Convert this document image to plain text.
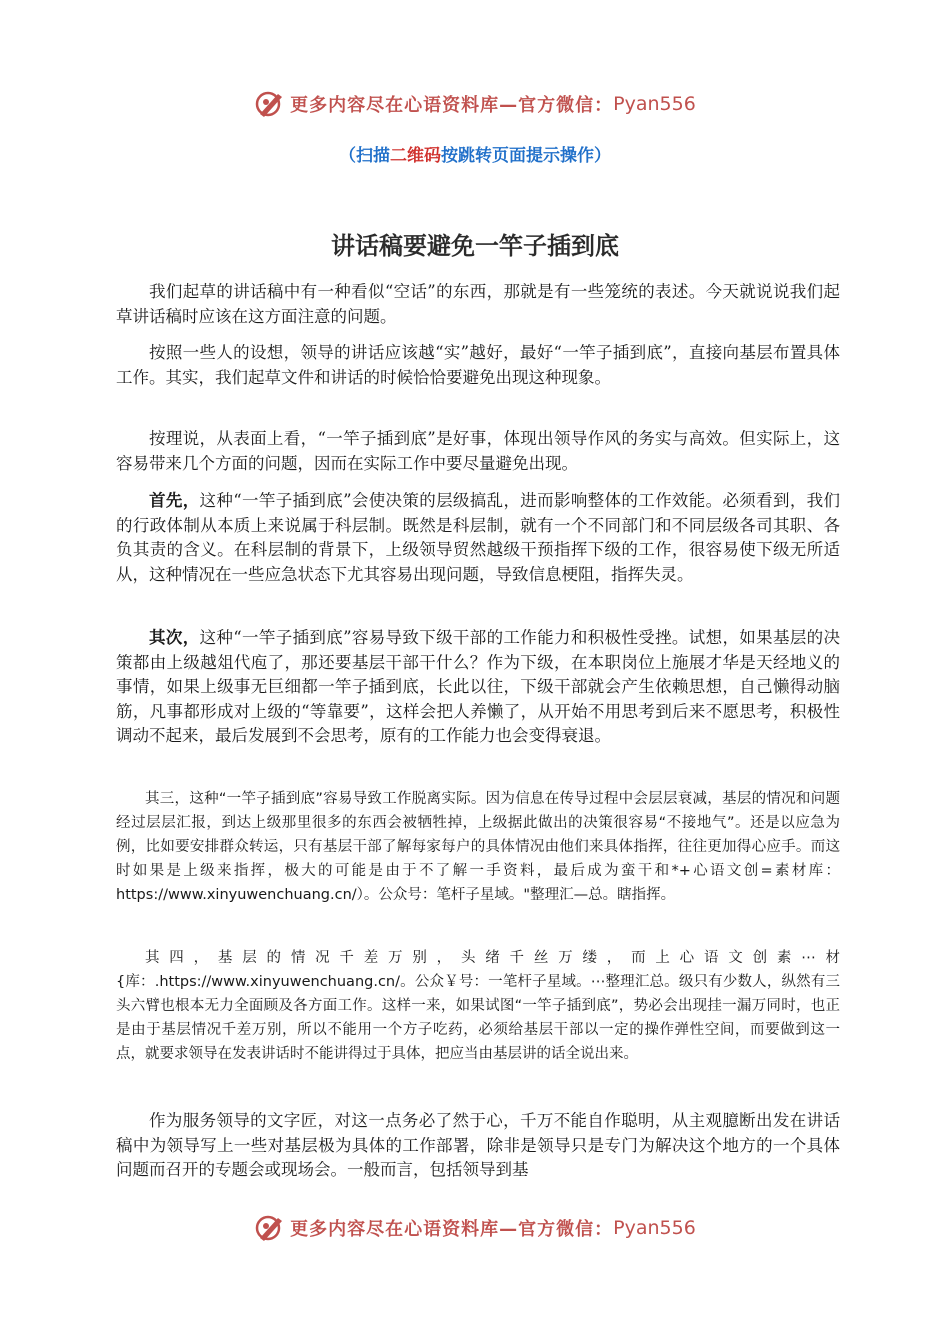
更多内容尽在心语资料库—官方微信： Pyan556
（扫描二维码按跳转页面提示操作）
讲话稿要避免一竿子插到底

我们起草的讲话稿中有一种看似“空话”的东西，那就是有一些笼统的表述。今天就说说我们起草讲话稿时应该在这方面注意的问题。

按照一些人的设想，领导的讲话应该越“实”越好，最好“一竿子插到底”，直接向基层布置具体工作。其实，我们起草文件和讲话的时候恰恰要避免出现这种现象。

按理说，从表面上看，“一竿子插到底”是好事，体现出领导作风的务实与高效。但实际上，这容易带来几个方面的问题，因而在实际工作中要尽量避免出现。

首先，这种“一竿子插到底”会使决策的层级搞乱，进而影响整体的工作效能。必须看到，我们的行政体制从本质上来说属于科层制。既然是科层制，就有一个不同部门和不同层级各司其职、各负其责的含义。在科层制的背景下，上级领导贸然越级干预指挥下级的工作，很容易使下级无所适从，这种情况在一些应急状态下尤其容易出现问题，导致信息梗阻，指挥失灵。

其次，这种“一竿子插到底”容易导致下级干部的工作能力和积极性受挫。试想，如果基层的决策都由上级越俎代庖了，那还要基层干部干什么？作为下级，在本职岗位上施展才华是天经地义的事情，如果上级事无巨细都一竿子插到底，长此以往，下级干部就会产生依赖思想，自己懒得动脑筋，凡事都形成对上级的“等靠要”，这样会把人养懒了，从开始不用思考到后来不愿思考，积极性调动不起来，最后发展到不会思考，原有的工作能力也会变得衰退。

其三，这种“一竿子插到底”容易导致工作脱离实际。因为信息在传导过程中会层层衰减，基层的情况和问题经过层层汇报，到达上级那里很多的东西会被牺牲掉，上级据此做出的决策很容易“不接地气”。还是以应急为例，比如要安排群众转运，只有基层干部了解每家每户的具体情况由他们来具体指挥，往往更加得心应手。而这时如果是上级来指挥，极大的可能是由于不了解一手资料，最后成为蛮干和*+心语文创=素材库：https://www.xinyuwenchuang.cn/）。公众号：笔杆子星域。"整理汇—总。瞎指挥。

其四，基层的情况千差万别，头绪千丝万缕，而上心语文创素⋯材{库：.https://www.xinyuwenchuang.cn/。公众￥号：一笔杆子星域。⋯整理汇总。级只有少数人，纵然有三头六臂也根本无力全面顾及各方面工作。这样一来，如果试图“一竿子插到底”，势必会出现挂一漏万同时，也正是由于基层情况千差万别，所以不能用一个方子吃药，必须给基层干部以一定的操作弹性空间，而要做到这一点，就要求领导在发表讲话时不能讲得过于具体，把应当由基层讲的话全说出来。

作为服务领导的文字匠，对这一点务必了然于心，千万不能自作聪明，从主观臆断出发在讲话稿中为领导写上一些对基层极为具体的工作部署，除非是领导只是专门为解决这个地方的一个具体问题而召开的专题会或现场会。一般而言，包括领导到基

更多内容尽在心语资料库—官方微信： Pyan556
